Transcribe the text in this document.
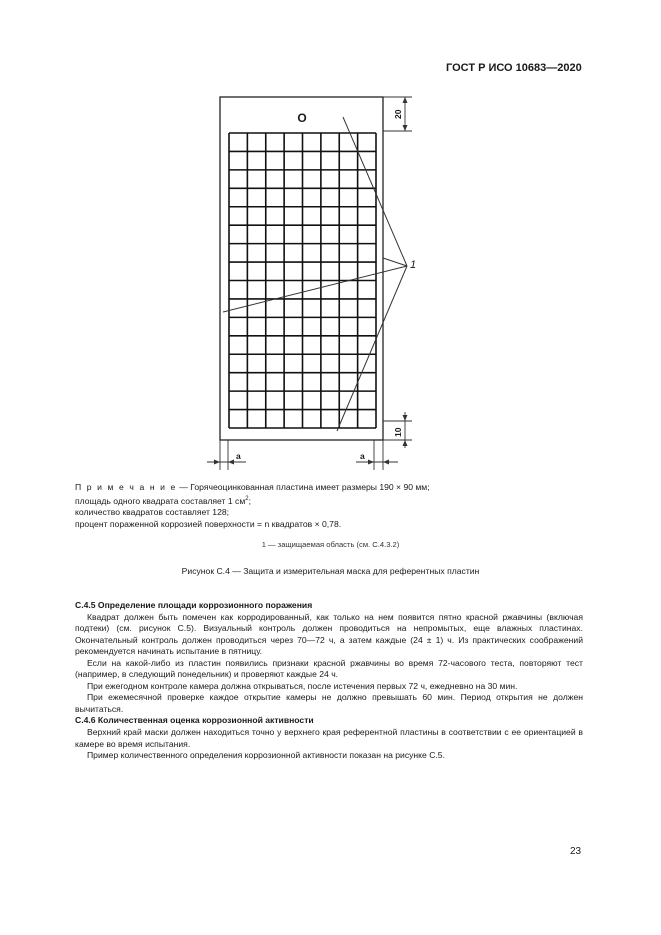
ГОСТ Р ИСО 10683—2020
О
1
20
10
a	a
П р и м е ч а н и е — Горячеоцинкованная пластина имеет размеры 190 × 90 мм;
площадь одного квадрата составляет 1 $см^2$;
количество квадратов составляет 128;
процент пораженной коррозией поверхности = n квадратов × 0,78.
1 — защищаемая область (см. С.4.3.2)
Рисунок С.4 — Защита и измерительная маска для референтных пластин

С.4.5 Определение площади коррозионного поражения

Квадрат должен быть помечен как корродированный, как только на нем появится пятно красной ржавчины (включая подтеки) (см. рисунок С.5). Визуальный контроль должен проводиться на непромытых, еще влажных пластинах. Окончательный контроль должен проводиться через 70—72 ч, а затем каждые (24 ± 1) ч. Из практических соображений рекомендуется начинать испытание в пятницу.

Если на какой-либо из пластин появились признаки красной ржавчины во время 72-часового теста, повторяют тест (например, в следующий понедельник) и проверяют каждые 24 ч.

При ежегодном контроле камера должна открываться, после истечения первых 72 ч, ежедневно на 30 мин.

При ежемесячной проверке каждое открытие камеры не должно превышать 60 мин. Период открытия не должен вычитаться.

С.4.6 Количественная оценка коррозионной активности

Верхний край маски должен находиться точно у верхнего края референтной пластины в соответствии с ее ориентацией в камере во время испытания.

Пример количественного определения коррозионной активности показан на рисунке С.5.

23
